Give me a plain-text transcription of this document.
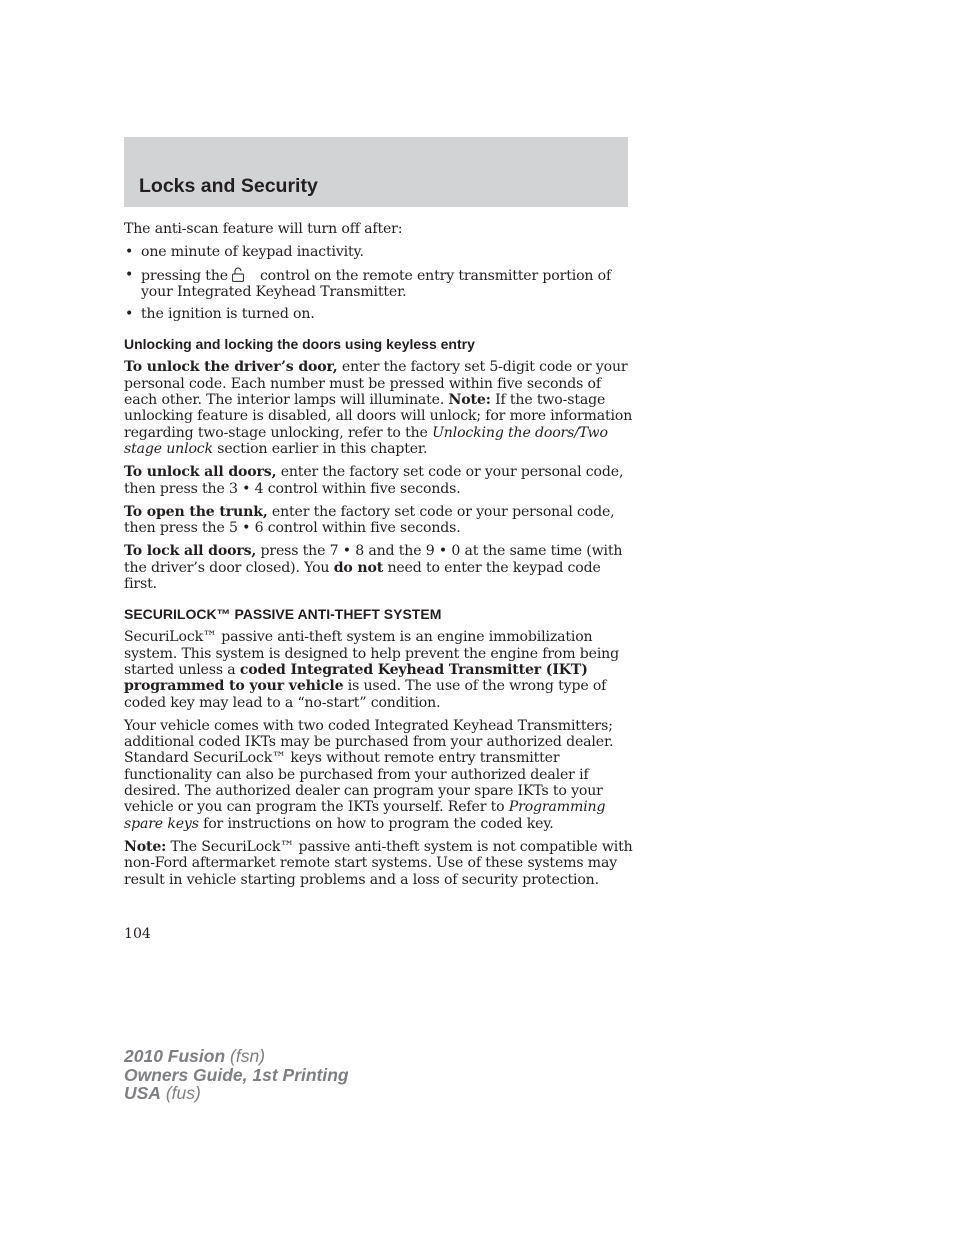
Locks and Security

The anti-scan feature will turn off after:

• one minute of keypad inactivity.
• pressing the control on the remote entry transmitter portion of your Integrated Keyhead Transmitter.
• the ignition is turned on.
Unlocking and locking the doors using keyless entry

To unlock the driver’s door, enter the factory set 5-digit code or your personal code. Each number must be pressed within five seconds of each other. The interior lamps will illuminate. Note: If the two-stage unlocking feature is disabled, all doors will unlock; for more information regarding two-stage unlocking, refer to the Unlocking the doors/Two stage unlock section earlier in this chapter.

To unlock all doors, enter the factory set code or your personal code, then press the 3 • 4 control within five seconds.

To open the trunk, enter the factory set code or your personal code, then press the 5 • 6 control within five seconds.

To lock all doors, press the 7 • 8 and the 9 • 0 at the same time (with the driver’s door closed). You do not need to enter the keypad code first.

SECURILOCK™ PASSIVE ANTI-THEFT SYSTEM

SecuriLock™ passive anti-theft system is an engine immobilization system. This system is designed to help prevent the engine from being started unless a coded Integrated Keyhead Transmitter (IKT) programmed to your vehicle is used. The use of the wrong type of coded key may lead to a “no-start” condition.

Your vehicle comes with two coded Integrated Keyhead Transmitters; additional coded IKTs may be purchased from your authorized dealer. Standard SecuriLock™ keys without remote entry transmitter functionality can also be purchased from your authorized dealer if desired. The authorized dealer can program your spare IKTs to your vehicle or you can program the IKTs yourself. Refer to Programming spare keys for instructions on how to program the coded key.

Note: The SecuriLock™ passive anti-theft system is not compatible with non-Ford aftermarket remote start systems. Use of these systems may result in vehicle starting problems and a loss of security protection.

104
2010 Fusion (fsn)
Owners Guide, 1st Printing
USA (fus)
